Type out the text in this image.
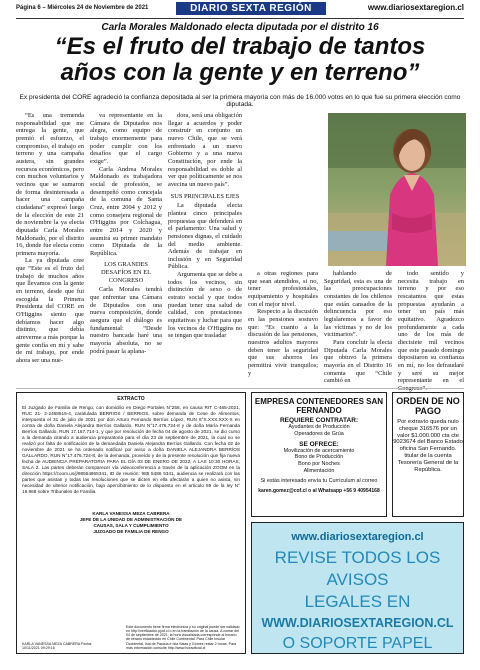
Página 6 – Miércoles 24 de Noviembre de 2021	DIARIO SEXTA REGIÓN	www.diariosextaregion.cl
Carla Morales Maldonado electa diputada por el distrito 16
“Es el fruto del trabajo de tantos años con la gente y en terreno”
Ex presidenta del CORE agradeció la confianza depositada al ser la primera mayoría con más de 16.000 votos en lo que fue su primera elección como diputada.

“Es una tremenda responsabilidad que me entrega la gente, que premió el esfuerzo, el compromiso, el trabajo en terreno y una campaña austera, sin grandes recursos económicos, pero con muchos voluntarios y vecinos que se sumaron de forma desinteresada a hacer una campaña ciudadana” expresó luego de la elección de este 21 de noviembre la ya electa diputada Carla Morales Maldonado, por el distrito 16, donde fue electa como primera mayoría.

La ya diputada cree que “Este es el fruto del trabajo de muchos años que llevamos con la gente en terreno, desde que fui escogida la Primera Presidenta del CORE en O'Higgins siento que debíamos hacer algo distinto, que debía atreverme a más porque la gente confía en mí y sabe de mi trabajo, por ende ahora ser una nue-

va representante en la Cámara de Diputados nos alegra, como equipo de trabajo enormemente para poder cumplir con los desafíos que el cargo exige”.

Carla Andrea Morales Maldonado es trabajadora social de profesión, se desempeñó como concejala de la comuna de Santa Cruz, entre 2004 y 2012 y como consejera regional de O'Higgins por Colchagua, entre 2014 y 2020 y asumirá su primer mandato como Diputada de la República.

LOS GRANDES DESAFÍOS EN EL CONGRESO

Carla Morales tendrá que enfrentar una Cámara de Diputados con una nueva composición, donde asegura que el diálogo es fundamental: “Desde nuestro bancada haré una mayoría absoluta, no se podrá pasar la aplana-

dora, será una obligación llegar a acuerdos y poder construir en conjunto un nuevo Chile, que se verá enfrentado a un nuevo Gobierno y a una nueva Constitución, por ende la responsabilidad es doble al ver que políticamente se nos avecina un nuevo país”.

SUS PRINCIPALES EJES

La diputada electa plantea cinco principales propuestas que defenderá en el parlamento: Una salud y pensiones dignas, el cuidado del medio ambiente. Además de trabajar en inclusión y en Seguridad Pública.

Argumenta que se debe a todos los vecinos, sin distinción de sexo o de estrato social y que todos puedan tener una salud de calidad, con prestaciones equitativas y luchar para que los vecinos de O'Higgins no se tengan que trasladar

a otras regiones para que sean atendidos, si no, tener profesionales, equipamiento y hospitales con el mejor nivel.

Respecto a la discusión en las pensiones sostuvo que: “Es cuanto a la discusión de las pensiones, nuestros adultos mayores deben tener la seguridad que sus ahorros les permitirá vivir tranquilos; y

hablando de Seguridad, esta es una de las preocupaciones constantes de los chilenos que están cansados de la delincuencia por eso legislaremos a favor de las víctimas y no de los victimarios”.

Para concluir la electa Diputada Carla Morales que obtuvo la primera mayoría en el Distrito 16 comenta que “Chile cambió en

todo sentido y necesita trabajo en terreno y por eso rescatamos que estas propuestas ayudarán a tener un país más equitativo. Agradezco profundamente a cada uno de los más de diecisiete mil vecinos que este pasado domingo depositaron su confianza en mí, no los defraudaré y seré su mejor representante en el

EXTRACTO
El Juzgado de Familia de Rengo, con domicilio en Diego Portales N°258, en causa RIT C-465-2021, RUC 21- 2-2468515-4, caratulada BERRIOS / BERRIOS, sobre demanda de Cese de Alimentos, interpuesta el 31 de julio de 2021 por don Arturo Fernando Berríos López, RUN 8°X.XXX.XXX-X en contra de doña Daniela Alejandra Berríos Gallardo, RUN N°17.476.724-8 y de doña María Fernanda Berríos Gallardo, RUN 17.167.714-1, y que por resolución de fecha 04 de agosto de 2021, se dio curso a la demanda citando a audiencia preparatoria para el día 23 de septiembre de 2021, la cual no se realizó por falta de notificación de la demandada Daniela Alejandra Berríos Gallardo. Con fecha 02 de noviembre de 2021 se ha ordenado notificar por aviso a doña DANIELA ALEJANDRA BERRÍOS GALLARDO, RUN N°17.476.724-8, de la demanda, proveído y de la presente resolución que fija nueva fecha de AUDIENCIA PREPARATORIA PARA EL DÍA 03 DE ENERO DE 2022, A LAS 10:30 HORAS, SALA 2. Las partes deberán comparecer vía videoconferencia a través de la aplicación ZOOM en la dirección https://zoom.us/j/98554865341, ID de reunión: 985 5486 5341, audiencia se realizará con las partes que asistan y todas las resoluciones que se dicten en ella afectarán a quien no asista, sin necesidad de ulterior notificación, bajo apercibimiento de lo dispuesto en el artículo 59 de la ley N° 19.968 sobre Tribunales de Familia.
KARLA VANESSA MEZA CABRERA
JEFE DE LA UNIDAD DE ADMINISTRACIÓN DE
CAUSAS, SALA Y CUMPLIMIENTO
JUZGADO DE FAMILIA DE RENGO
KARLA VANESSA MEZA CABRERA Fecha: 10/11/2021 09:29:16
Este documento tiene firma electrónica y su original puede ser validado en http://verificadoc.pjud.cl o en la tramitación de la causa. A contar del 04 de septiembre de 2021, la hora visualizada corresponde al horario de verano establecido en Chile Continental. Para Chile Insular Occidental, Isla de Pascua e Isla Salas y Gómez restar 2 horas. Para más información consulte http://www.horaoficial.cl
EMPRESA CONTENEDORES SAN FERNANDO
REQUIERE CONTRATAR:
Ayudantes de Producción
Operadores de Grúa
SE OFRECE:
Movilización de acercamiento
Bono de Producción
Bono por Noches
Alimentación
Si estás interesado envía tu Currículum al correo
karen.gomez@cof.cl o al Whatsapp +56 9 40954168
ORDEN DE NO PAGO
Por extravío queda nulo cheque 316576 por un valor $1.000.000 cta cte 9023674 del Banco Estado oficina San Fernando. titular de la cuenta Tesorería General de la República.
www.diariosextaregion.cl
REVISE TODOS LOS AVISOS
LEGALES EN
WWW.DIARIOSEXTAREGION.CL
O SOPORTE PAPEL
